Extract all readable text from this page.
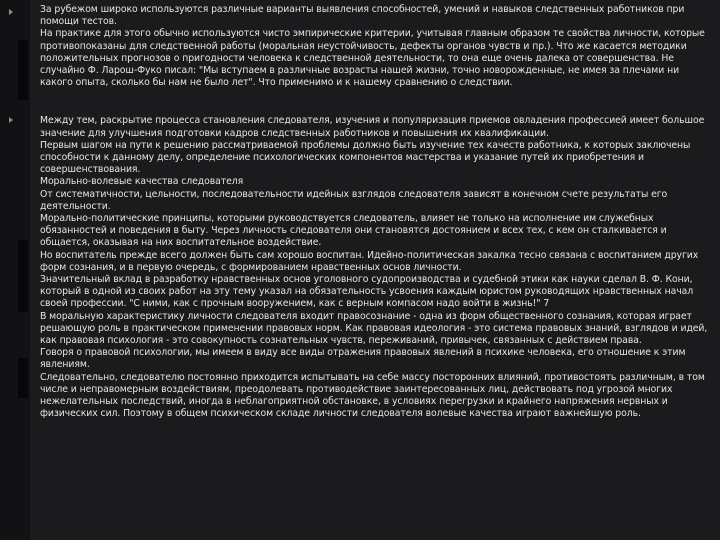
За рубежом широко используются различные варианты выявления способностей, умений и навыков следственных работников при помощи тестов.

На практике для этого обычно используются чисто эмпирические критерии, учитывая главным образом те свойства личности, которые противопоказаны для следственной работы (моральная неустойчивость, дефекты органов чувств и пр.). Что же касается методики положительных прогнозов о пригодности человека к следственной деятельности, то она еще очень далека от совершенства. Не случайно Ф. Ларош-Фуко писал: "Мы вступаем в различные возрасты нашей жизни, точно новорожденные, не имея за плечами ни какого опыта, сколько бы нам не было лет". Что применимо и к нашему сравнению о следствии.

Между тем, раскрытие процесса становления следователя, изучения и популяризация приемов овладения профессией имеет большое значение для улучшения подготовки кадров следственных работников и повышения их квалификации.

Первым шагом на пути к решению рассматриваемой проблемы должно быть изучение тех качеств работника, к которых заключены способности к данному делу, определение психологических компонентов мастерства и указание путей их приобретения и совершенствования.

Морально-волевые качества следователя

От систематичности, цельности, последовательности идейных взглядов следователя зависят в конечном счете результаты его деятельности.

Морально-политические принципы, которыми руководствуется следователь, влияет не только на исполнение им служебных обязанностей и поведения в быту. Через личность следователя они становятся достоянием и всех тех, с кем он сталкивается и общается, оказывая на них воспитательное воздействие.

Но воспитатель прежде всего должен быть сам хорошо воспитан. Идейно-политическая закалка тесно связана с воспитанием других форм сознания, и в первую очередь, с формированием нравственных основ личности.

Значительный вклад в разработку нравственных основ уголовного судопроизводства и судебной этики как науки сделал В. Ф. Кони, который в одной из своих работ на эту тему указал на обязательность усвоения каждым юристом руководящих нравственных начал своей профессии. "С ними, как с прочным вооружением, как с верным компасом надо войти в жизнь!" 7

В моральную характеристику личности следователя входит правосознание - одна из форм общественного сознания, которая играет решающую роль в практическом применении правовых норм. Как правовая идеология - это система правовых знаний, взглядов и идей, как правовая психология - это совокупность сознательных чувств, переживаний, привычек, связанных с действием права.

Говоря о правовой психологии, мы имеем в виду все виды отражения правовых явлений в психике человека, его отношение к этим явлениям.

Следовательно, следователю постоянно приходится испытывать на себе массу посторонних влияний, противостоять различным, в том числе и неправомерным воздействиям, преодолевать противодействие заинтересованных лиц, действовать под угрозой многих нежелательных последствий, иногда в неблагоприятной обстановке, в условиях перегрузки и крайнего напряжения нервных и физических сил. Поэтому в общем психическом складе личности следователя волевые качества играют важнейшую роль.
